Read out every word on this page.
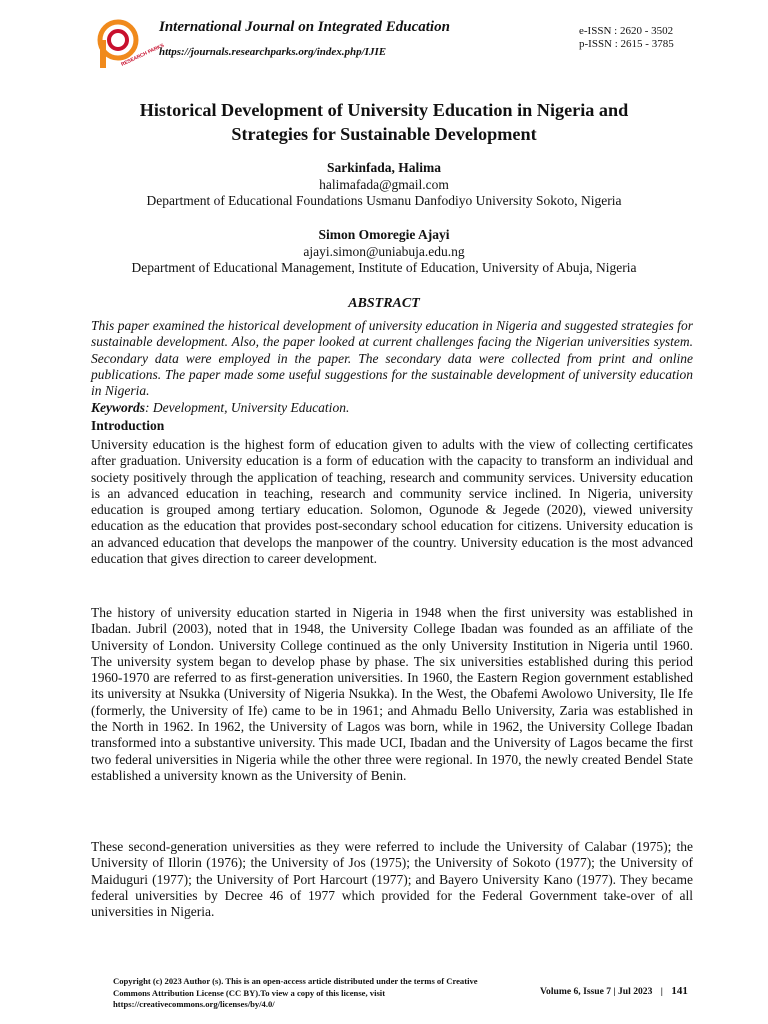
RESEARCH PARKS
International Journal on Integrated Education
https://journals.researchparks.org/index.php/IJIE
e-ISSN : 2620 - 3502
p-ISSN : 2615 - 3785
Historical Development of University Education in Nigeria and
Strategies for Sustainable Development
Sarkinfada, Halima
halimafada@gmail.com
Department of Educational Foundations Usmanu Danfodiyo University Sokoto, Nigeria
Simon Omoregie Ajayi
ajayi.simon@uniabuja.edu.ng
Department of Educational Management, Institute of Education, University of Abuja, Nigeria
ABSTRACT

This paper examined the historical development of university education in Nigeria and suggested strategies for sustainable development. Also, the paper looked at current challenges facing the Nigerian universities system. Secondary data were employed in the paper. The secondary data were collected from print and online publications. The paper made some useful suggestions for the sustainable development of university education in Nigeria.

Keywords: Development, University Education.

Introduction

University education is the highest form of education given to adults with the view of collecting certificates after graduation. University education is a form of education with the capacity to transform an individual and society positively through the application of teaching, research and community services. University education is an advanced education in teaching, research and community service inclined. In Nigeria, university education is grouped among tertiary education. Solomon, Ogunode & Jegede (2020), viewed university education as the education that provides post-secondary school education for citizens. University education is an advanced education that develops the manpower of the country. University education is the most advanced education that gives direction to career development.

The history of university education started in Nigeria in 1948 when the first university was established in Ibadan. Jubril (2003), noted that in 1948, the University College Ibadan was founded as an affiliate of the University of London. University College continued as the only University Institution in Nigeria until 1960. The university system began to develop phase by phase. The six universities established during this period 1960-1970 are referred to as first-generation universities. In 1960, the Eastern Region government established its university at Nsukka (University of Nigeria Nsukka). In the West, the Obafemi Awolowo University, Ile Ife (formerly, the University of Ife) came to be in 1961; and Ahmadu Bello University, Zaria was established in the North in 1962. In 1962, the University of Lagos was born, while in 1962, the University College Ibadan transformed into a substantive university. This made UCI, Ibadan and the University of Lagos became the first two federal universities in Nigeria while the other three were regional. In 1970, the newly created Bendel State established a university known as the University of Benin.

These second-generation universities as they were referred to include the University of Calabar (1975); the University of Illorin (1976); the University of Jos (1975); the University of Sokoto (1977); the University of Maiduguri (1977); the University of Port Harcourt (1977); and Bayero University Kano (1977). They became federal universities by Decree 46 of 1977 which provided for the Federal Government take-over of all universities in Nigeria.

Copyright (c) 2023 Author (s). This is an open-access article distributed under the terms of Creative Commons Attribution License (CC BY).To view a copy of this license, visit https://creativecommons.org/licenses/by/4.0/
Volume 6, Issue 7 | Jul 2023 | 141
